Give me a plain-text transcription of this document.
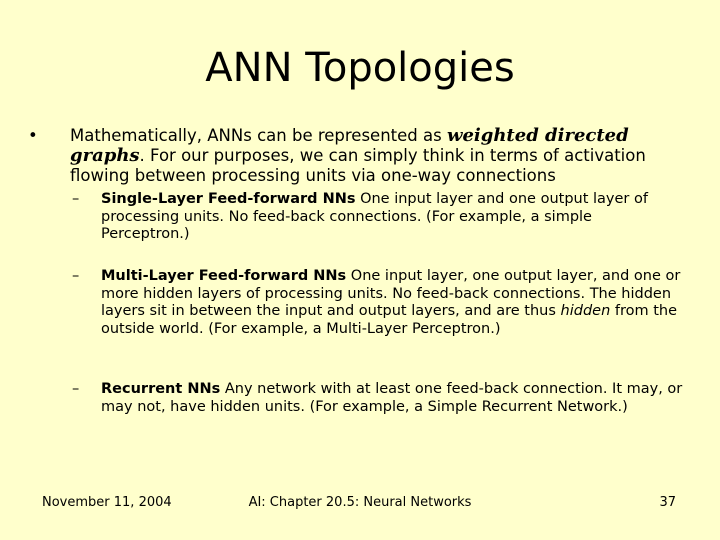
ANN Topologies
• Mathematically, ANNs can be represented as weighted directed graphs. For our purposes, we can simply think in terms of activation flowing between processing units via one-way connections
– Single-Layer Feed-forward NNs One input layer and one output layer of processing units. No feed-back connections. (For example, a simple Perceptron.)
– Multi-Layer Feed-forward NNs One input layer, one output layer, and one or more hidden layers of processing units. No feed-back connections. The hidden layers sit in between the input and output layers, and are thus hidden from the outside world. (For example, a Multi-Layer Perceptron.)
– Recurrent NNs Any network with at least one feed-back connection. It may, or may not, have hidden units. (For example, a Simple Recurrent Network.)
November 11, 2004	AI: Chapter 20.5: Neural Networks	37
